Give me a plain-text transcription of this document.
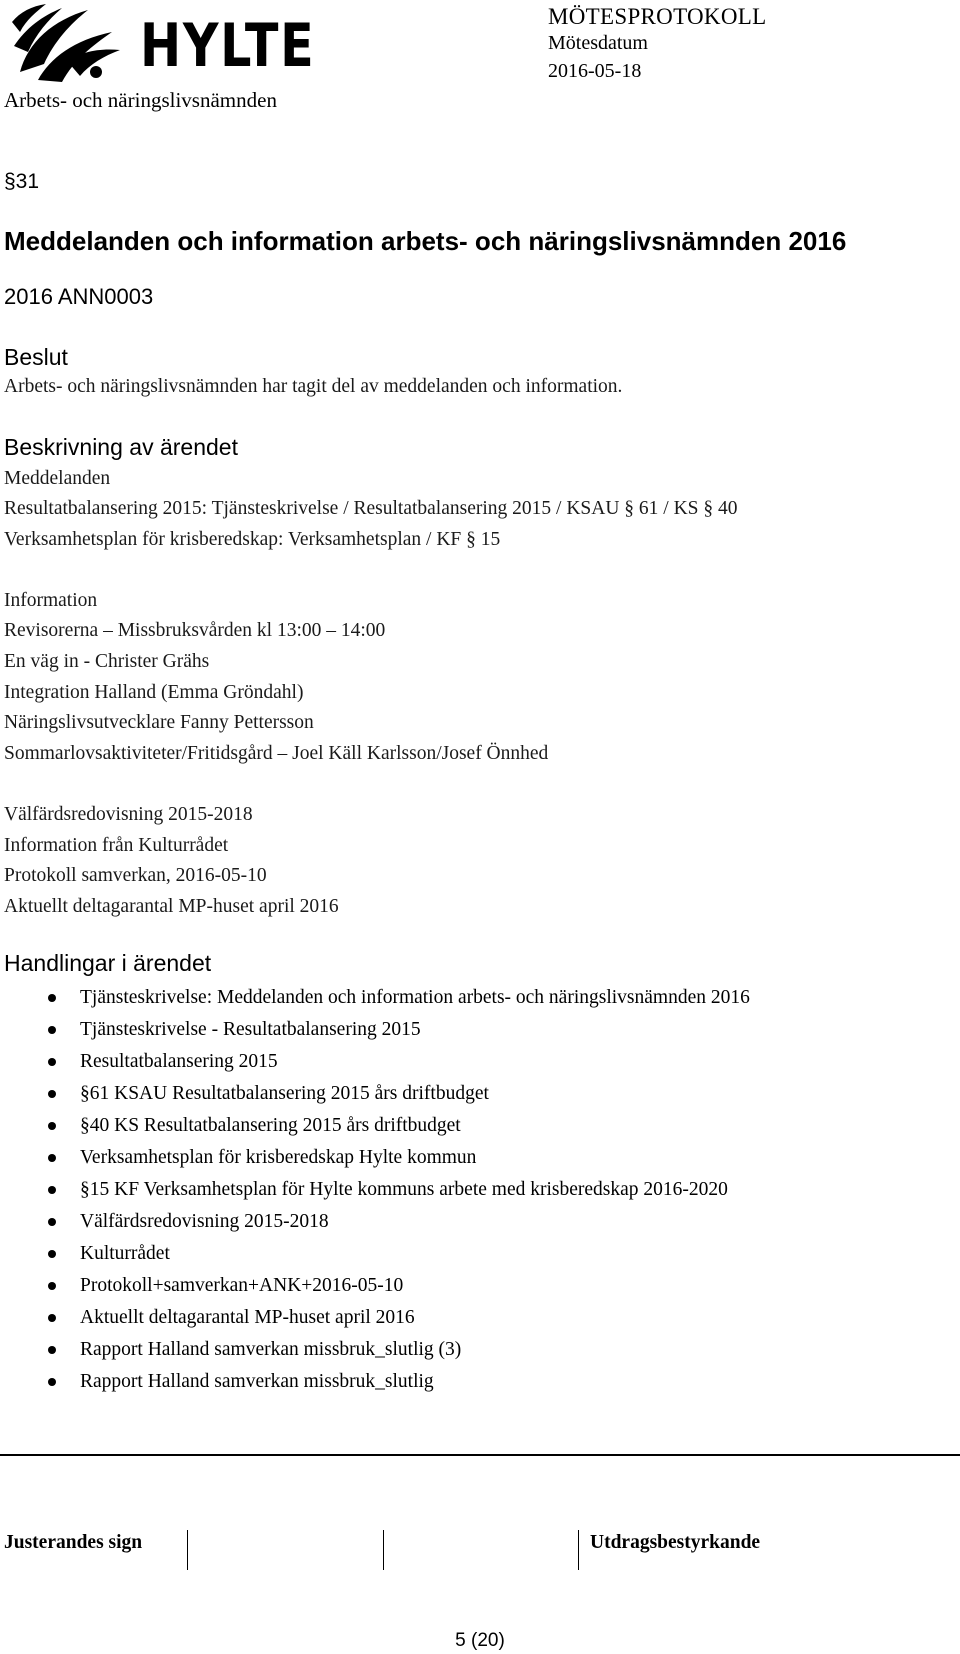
HYLTE
Arbets- och näringslivsnämnden
MÖTESPROTOKOLL
Mötesdatum
2016-05-18
§31
Meddelanden och information arbets- och näringslivsnämnden 2016
2016 ANN0003
Beslut
Arbets- och näringslivsnämnden har tagit del av meddelanden och information.
Beskrivning av ärendet
Meddelanden
Resultatbalansering 2015: Tjänsteskrivelse / Resultatbalansering 2015 / KSAU § 61 / KS § 40
Verksamhetsplan för krisberedskap: Verksamhetsplan / KF § 15
Information
Revisorerna – Missbruksvården kl 13:00 – 14:00
En väg in - Christer Grähs
Integration Halland (Emma Gröndahl)
Näringslivsutvecklare Fanny Pettersson
Sommarlovsaktiviteter/Fritidsgård – Joel Käll Karlsson/Josef Önnhed
Välfärdsredovisning 2015-2018
Information från Kulturrådet
Protokoll samverkan, 2016-05-10
Aktuellt deltagarantal MP-huset april 2016
Handlingar i ärendet
Tjänsteskrivelse: Meddelanden och information arbets- och näringslivsnämnden 2016
Tjänsteskrivelse - Resultatbalansering 2015
Resultatbalansering 2015
§61 KSAU Resultatbalansering 2015 års driftbudget
§40 KS Resultatbalansering 2015 års driftbudget
Verksamhetsplan för krisberedskap Hylte kommun
§15 KF Verksamhetsplan för Hylte kommuns arbete med krisberedskap 2016-2020
Välfärdsredovisning 2015-2018
Kulturrådet
Protokoll+samverkan+ANK+2016-05-10
Aktuellt deltagarantal MP-huset april 2016
Rapport Halland samverkan missbruk_slutlig (3)
Rapport Halland samverkan missbruk_slutlig
Justerandes sign	Utdragsbestyrkande
5 (20)
